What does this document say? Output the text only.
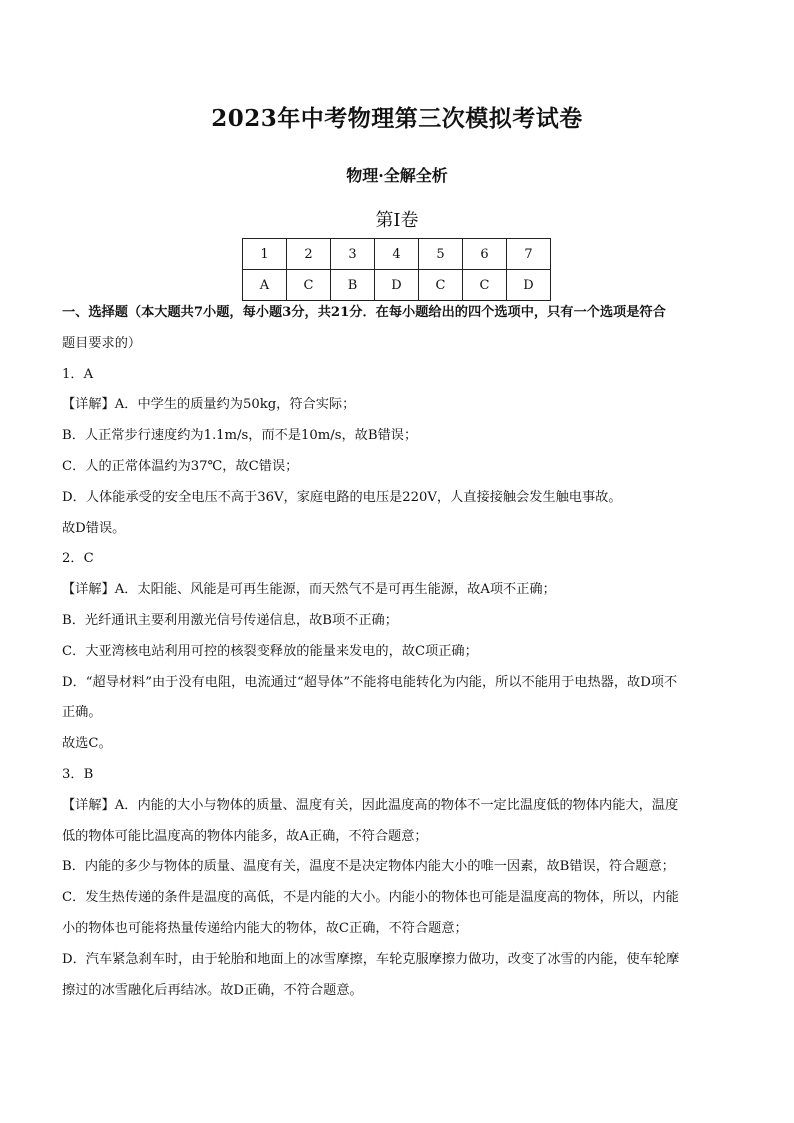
2023年中考物理第三次模拟考试卷
物理·全解全析
第Ⅰ卷
1	2	3	4	5	6	7
A	C	B	D	C	C	D

一、选择题（本大题共7小题，每小题3分，共21分．在每小题给出的四个选项中，只有一个选项是符合

题目要求的）

1．A

【详解】A．中学生的质量约为50kg，符合实际；

B．人正常步行速度约为1.1m/s，而不是10m/s，故B错误；

C．人的正常体温约为37℃，故C错误；

D．人体能承受的安全电压不高于36V，家庭电路的电压是220V，人直接接触会发生触电事故。

故D错误。

2．C

【详解】A．太阳能、风能是可再生能源，而天然气不是可再生能源，故A项不正确；

B．光纤通讯主要利用激光信号传递信息，故B项不正确；

C．大亚湾核电站利用可控的核裂变释放的能量来发电的，故C项正确；

D．“超导材料”由于没有电阻，电流通过“超导体”不能将电能转化为内能，所以不能用于电热器，故D项不

正确。

故选C。

3．B

【详解】A．内能的大小与物体的质量、温度有关，因此温度高的物体不一定比温度低的物体内能大，温度

低的物体可能比温度高的物体内能多，故A正确，不符合题意；

B．内能的多少与物体的质量、温度有关，温度不是决定物体内能大小的唯一因素，故B错误，符合题意；

C．发生热传递的条件是温度的高低，不是内能的大小。内能小的物体也可能是温度高的物体，所以，内能

小的物体也可能将热量传递给内能大的物体，故C正确，不符合题意；

D．汽车紧急刹车时，由于轮胎和地面上的冰雪摩擦，车轮克服摩擦力做功，改变了冰雪的内能，使车轮摩

擦过的冰雪融化后再结冰。故D正确，不符合题意。
